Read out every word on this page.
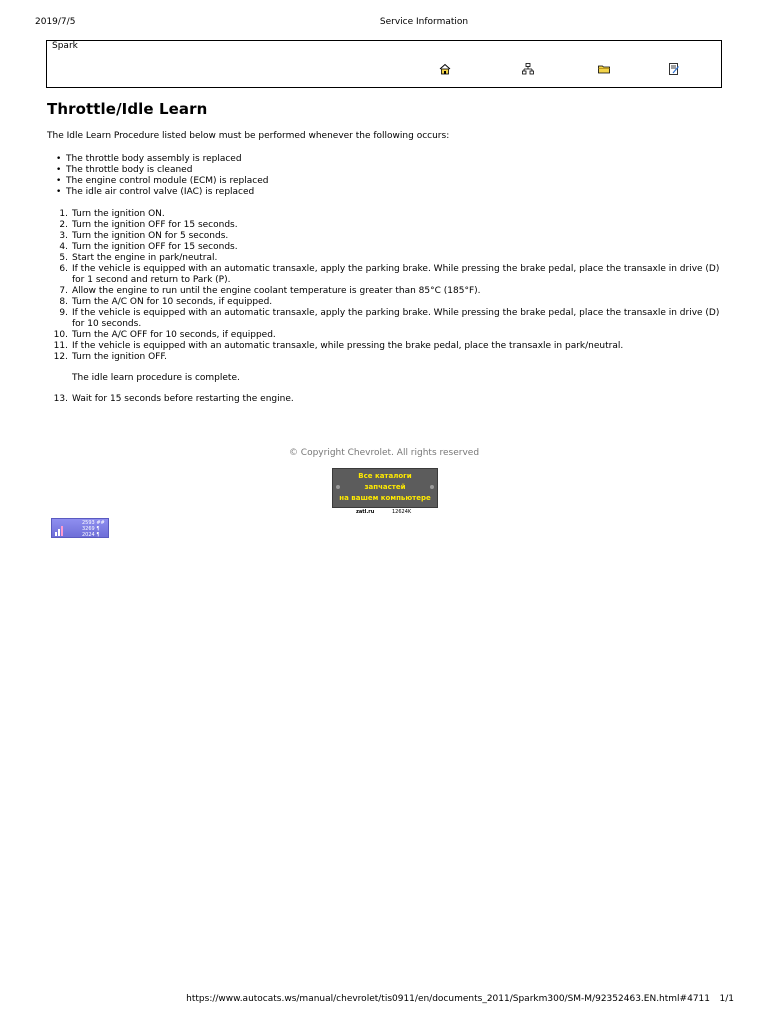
2019/7/5	Service Information
Spark
Throttle/Idle Learn
The Idle Learn Procedure listed below must be performed whenever the following occurs:
• The throttle body assembly is replaced
• The throttle body is cleaned
• The engine control module (ECM) is replaced
• The idle air control valve (IAC) is replaced
1. Turn the ignition ON.
2. Turn the ignition OFF for 15 seconds.
3. Turn the ignition ON for 5 seconds.
4. Turn the ignition OFF for 15 seconds.
5. Start the engine in park/neutral.
6. If the vehicle is equipped with an automatic transaxle, apply the parking brake. While pressing the brake pedal, place the transaxle in drive (D) for 1 second and return to Park (P).
7. Allow the engine to run until the engine coolant temperature is greater than 85°C (185°F).
8. Turn the A/C ON for 10 seconds, if equipped.
9. If the vehicle is equipped with an automatic transaxle, apply the parking brake. While pressing the brake pedal, place the transaxle in drive (D) for 10 seconds.
10. Turn the A/C OFF for 10 seconds, if equipped.
11. If the vehicle is equipped with an automatic transaxle, while pressing the brake pedal, place the transaxle in park/neutral.
12. Turn the ignition OFF.
The idle learn procedure is complete.
13. Wait for 15 seconds before restarting the engine.
© Copyright Chevrolet. All rights reserved
Все каталоги
запчастей
на вашем компьютере
zatl.ru	12624K
2593 ##
3269 ¶
2024 ¶
https://www.autocats.ws/manual/chevrolet/tis0911/en/documents_2011/Sparkm300/SM-M/92352463.EN.html#4711 1/1
